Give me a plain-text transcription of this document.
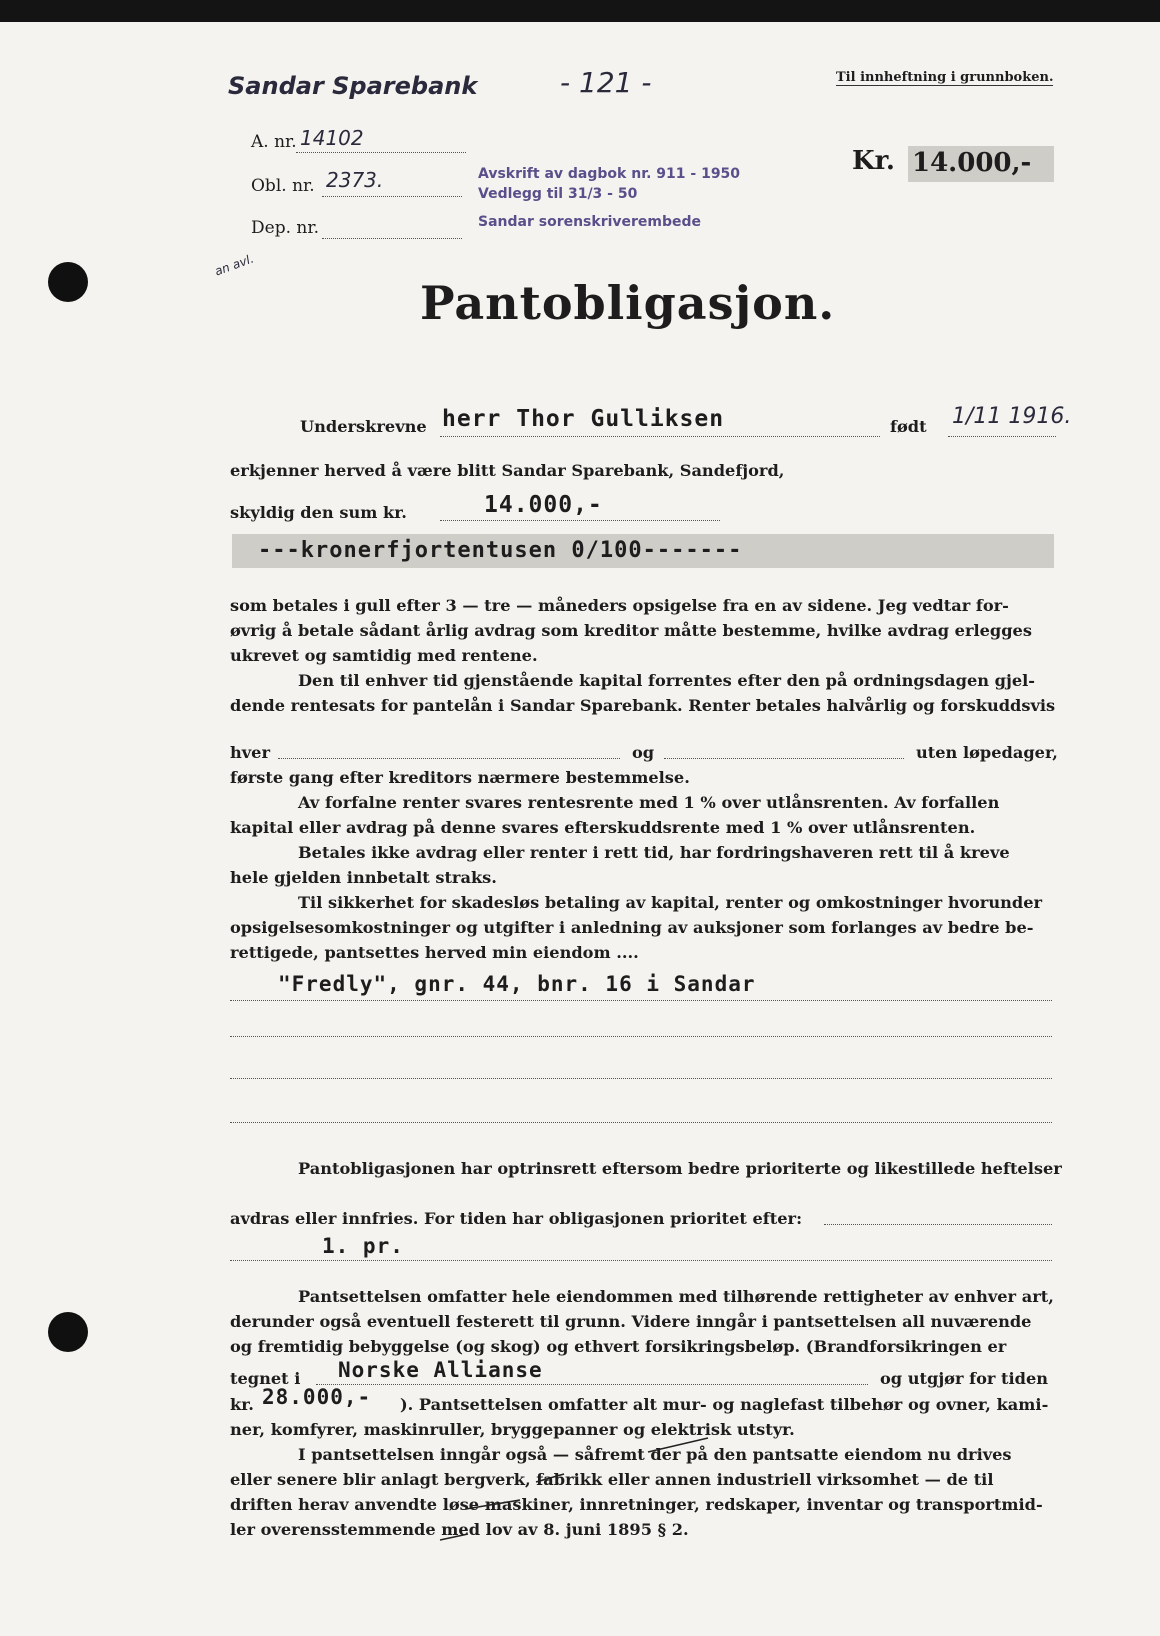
Sandar Sparebank	- 121 -	Til innheftning i grunnboken.
A. nr. 14102
Obl. nr. 2373.
Dep. nr.
Avskrift av dagbok nr. 911 - 1950
Vedlegg til 31/3 - 50
Sandar sorenskriverembede
Kr. 14.000,-
an avl.
Pantobligasjon.
Underskrevne herr Thor Gulliksen	født 1/11 1916.
erkjenner herved å være blitt Sandar Sparebank, Sandefjord,
skyldig den sum kr.	14.000,-
---kronerfjortentusen 0/100-------
som betales i gull efter 3 — tre — måneders opsigelse fra en av sidene. Jeg vedtar for-
øvrig å betale sådant årlig avdrag som kreditor måtte bestemme, hvilke avdrag erlegges
ukrevet og samtidig med rentene.
Den til enhver tid gjenstående kapital forrentes efter den på ordningsdagen gjel-
dende rentesats for pantelån i Sandar Sparebank. Renter betales halvårlig og forskuddsvis
hver	og	uten løpedager,
første gang efter kreditors nærmere bestemmelse.
Av forfalne renter svares rentesrente med 1 % over utlånsrenten. Av forfallen
kapital eller avdrag på denne svares efterskuddsrente med 1 % over utlånsrenten.
Betales ikke avdrag eller renter i rett tid, har fordringshaveren rett til å kreve
hele gjelden innbetalt straks.
Til sikkerhet for skadesløs betaling av kapital, renter og omkostninger hvorunder
opsigelsesomkostninger og utgifter i anledning av auksjoner som forlanges av bedre be-
rettigede, pantsettes herved min eiendom ....
"Fredly", gnr. 44, bnr. 16 i Sandar
Pantobligasjonen har optrinsrett eftersom bedre prioriterte og likestillede heftelser
avdras eller innfries. For tiden har obligasjonen prioritet efter:
1. pr.
Pantsettelsen omfatter hele eiendommen med tilhørende rettigheter av enhver art,
derunder også eventuell festerett til grunn. Videre inngår i pantsettelsen all nuværende
og fremtidig bebyggelse (og skog) og ethvert forsikringsbeløp. (Brandforsikringen er
tegnet i Norske Allianse	og utgjør for tiden
kr. 28.000,- ). Pantsettelsen omfatter alt mur- og naglefast tilbehør og ovner, kami-
ner, komfyrer, maskinruller, bryggepanner og elektrisk utstyr.
I pantsettelsen inngår også — såfremt der på den pantsatte eiendom nu drives
eller senere blir anlagt bergverk, fabrikk eller annen industriell virksomhet — de til
driften herav anvendte løse maskiner, innretninger, redskaper, inventar og transportmid-
ler overensstemmende med lov av 8. juni 1895 § 2.
